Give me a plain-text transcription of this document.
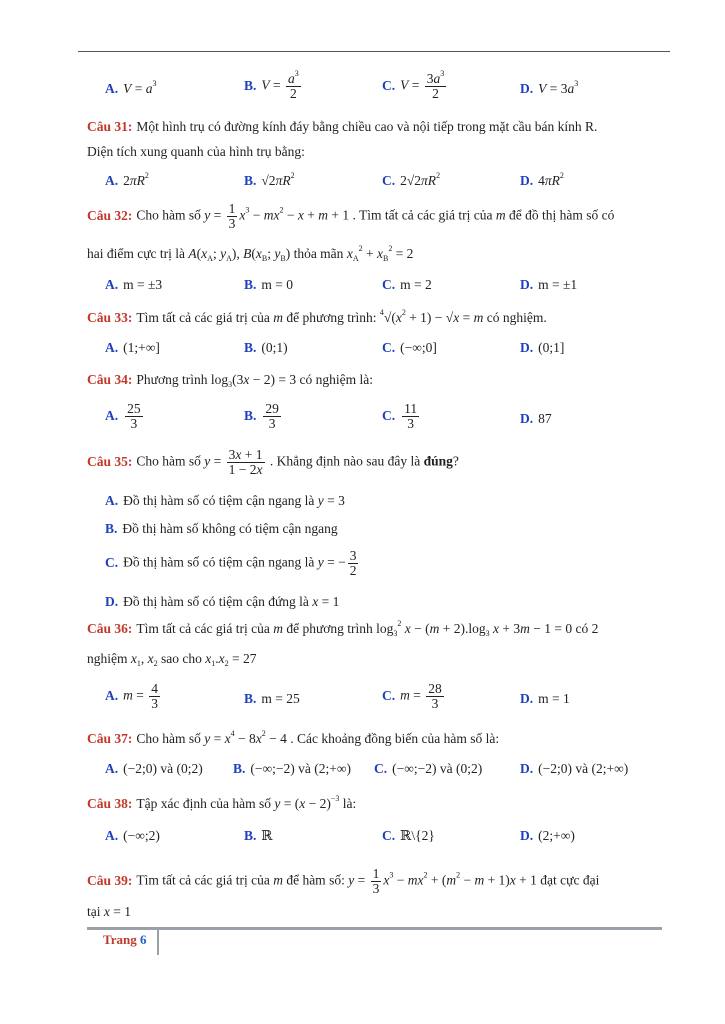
A. $V = a^3$	B. $V = \frac{a^3}{2}$	C. $V = \frac{3a^3}{2}$	D. $V = 3a^3$
Câu 31: Một hình trụ có đường kính đáy bằng chiều cao và nội tiếp trong mặt cầu bán kính R.
Diện tích xung quanh của hình trụ bằng:
A. $2\pi R^2$	B. $√2\pi R^2$	C. $2√2\pi R^2$	D. $4\pi R^2$
Câu 32: Cho hàm số $y = \frac{1}{3} x^3 - mx^2 - x + m + 1$ . Tìm tất cả các giá trị của m để đồ thị hàm số có
hai điểm cực trị là $A(x_A$; $y_A$), $B(x_B$; $y_B$) thỏa mãn $x_A^2 + x_B^2 = 2$
A. m = ±3	B. m = 0	C. m = 2	D. m = ±1
Câu 33: Tìm tất cả các giá trị của m để phương trình: $^4√(x^2 + 1) - √x = m$ có nghiệm.
A. (1;+∞]	B. (0;1)	C. (−∞;0]	D. (0;1]
Câu 34: Phương trình $\log_3(3x - 2) = 3$ có nghiệm là:
A. $\frac{25}{3}$	B. $\frac{29}{3}$	C. $\frac{11}{3}$	D. 87
Câu 35: Cho hàm số $y = \frac{3x + 1}{1 - 2x}$ . Khẳng định nào sau đây là đúng?
A. Đồ thị hàm số có tiệm cận ngang là y = 3
B. Đồ thị hàm số không có tiệm cận ngang
C. Đồ thị hàm số có tiệm cận ngang là y = − $\frac{3}{2}$
D. Đồ thị hàm số có tiệm cận đứng là x = 1
Câu 36: Tìm tất cả các giá trị của m để phương trình $\log_3^2 x - (m + 2).\log_3$ x + 3m − 1 = 0 có 2
nghiệm $x_1$, $x_2$ sao cho $x_1.x_2 = 27$
A. $m = \frac{4}{3}$	B. m = 25	C. $m = \frac{28}{3}$	D. m = 1
Câu 37: Cho hàm số $y = x^4 - 8x^2 - 4$ . Các khoảng đồng biến của hàm số là:
A. (−2;0) và (0;2) B. (−∞;−2) và (2;+∞) C. (−∞;−2) và (0;2)	D. (−2;0) và (2;+∞)
Câu 38: Tập xác định của hàm số $y = (x - 2)^{-3}$ là:
A. (−∞;2)	B. ℝ	C. ℝ\{2}	D. (2;+∞)
Câu 39: Tìm tất cả các giá trị của m để hàm số: $y = \frac{1}{3} x^3 - mx^2 + (m^2 - m + 1)x + 1$ đạt cực đại
tại x = 1
Trang 6
